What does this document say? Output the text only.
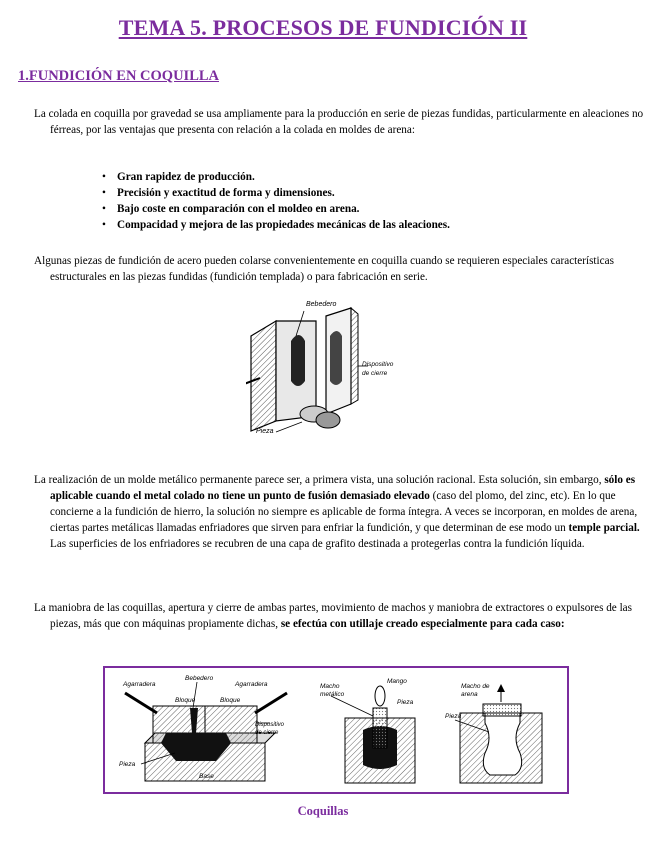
TEMA 5. PROCESOS DE FUNDICIÓN II
1.FUNDICIÓN EN COQUILLA

La colada en coquilla por gravedad se usa ampliamente para la producción en serie de piezas fundidas, particularmente en aleaciones no férreas, por las ventajas que presenta con relación a la colada en moldes de arena:

• Gran rapidez de producción.
• Precisión y exactitud de forma y dimensiones.
• Bajo coste en comparación con el moldeo en arena.
• Compacidad y mejora de las propiedades mecánicas de las aleaciones.

Algunas piezas de fundición de acero pueden colarse convenientemente en coquilla cuando se requieren especiales características estructurales en las piezas fundidas (fundición templada) o para fabricación en serie.

Bebedero
Dispositivo
de cierre
Pieza

La realización de un molde metálico permanente parece ser, a primera vista, una solución racional. Esta solución, sin embargo, sólo es aplicable cuando el metal colado no tiene un punto de fusión demasiado elevado (caso del plomo, del zinc, etc). En lo que concierne a la fundición de hierro, la solución no siempre es aplicable de forma íntegra. A veces se incorporan, en moldes de arena, ciertas partes metálicas llamadas enfriadores que sirven para enfriar la fundición, y que determinan de ese modo un temple parcial. Las superficies de los enfriadores se recubren de una capa de grafito destinada a protegerlas contra la fundición líquida.

La maniobra de las coquillas, apertura y cierre de ambas partes, movimiento de machos y maniobra de extractores o expulsores de las piezas, más que con máquinas propiamente dichas, se efectúa con utillaje creado especialmente para cada caso:

Agarradera
Bebedero
Agarradera
Bloque	Bloque
Dispositivo
de cierre
Pieza
Base
Macho
metálico
Mango
Pieza
Macho de
arena
Pieza
Coquillas
